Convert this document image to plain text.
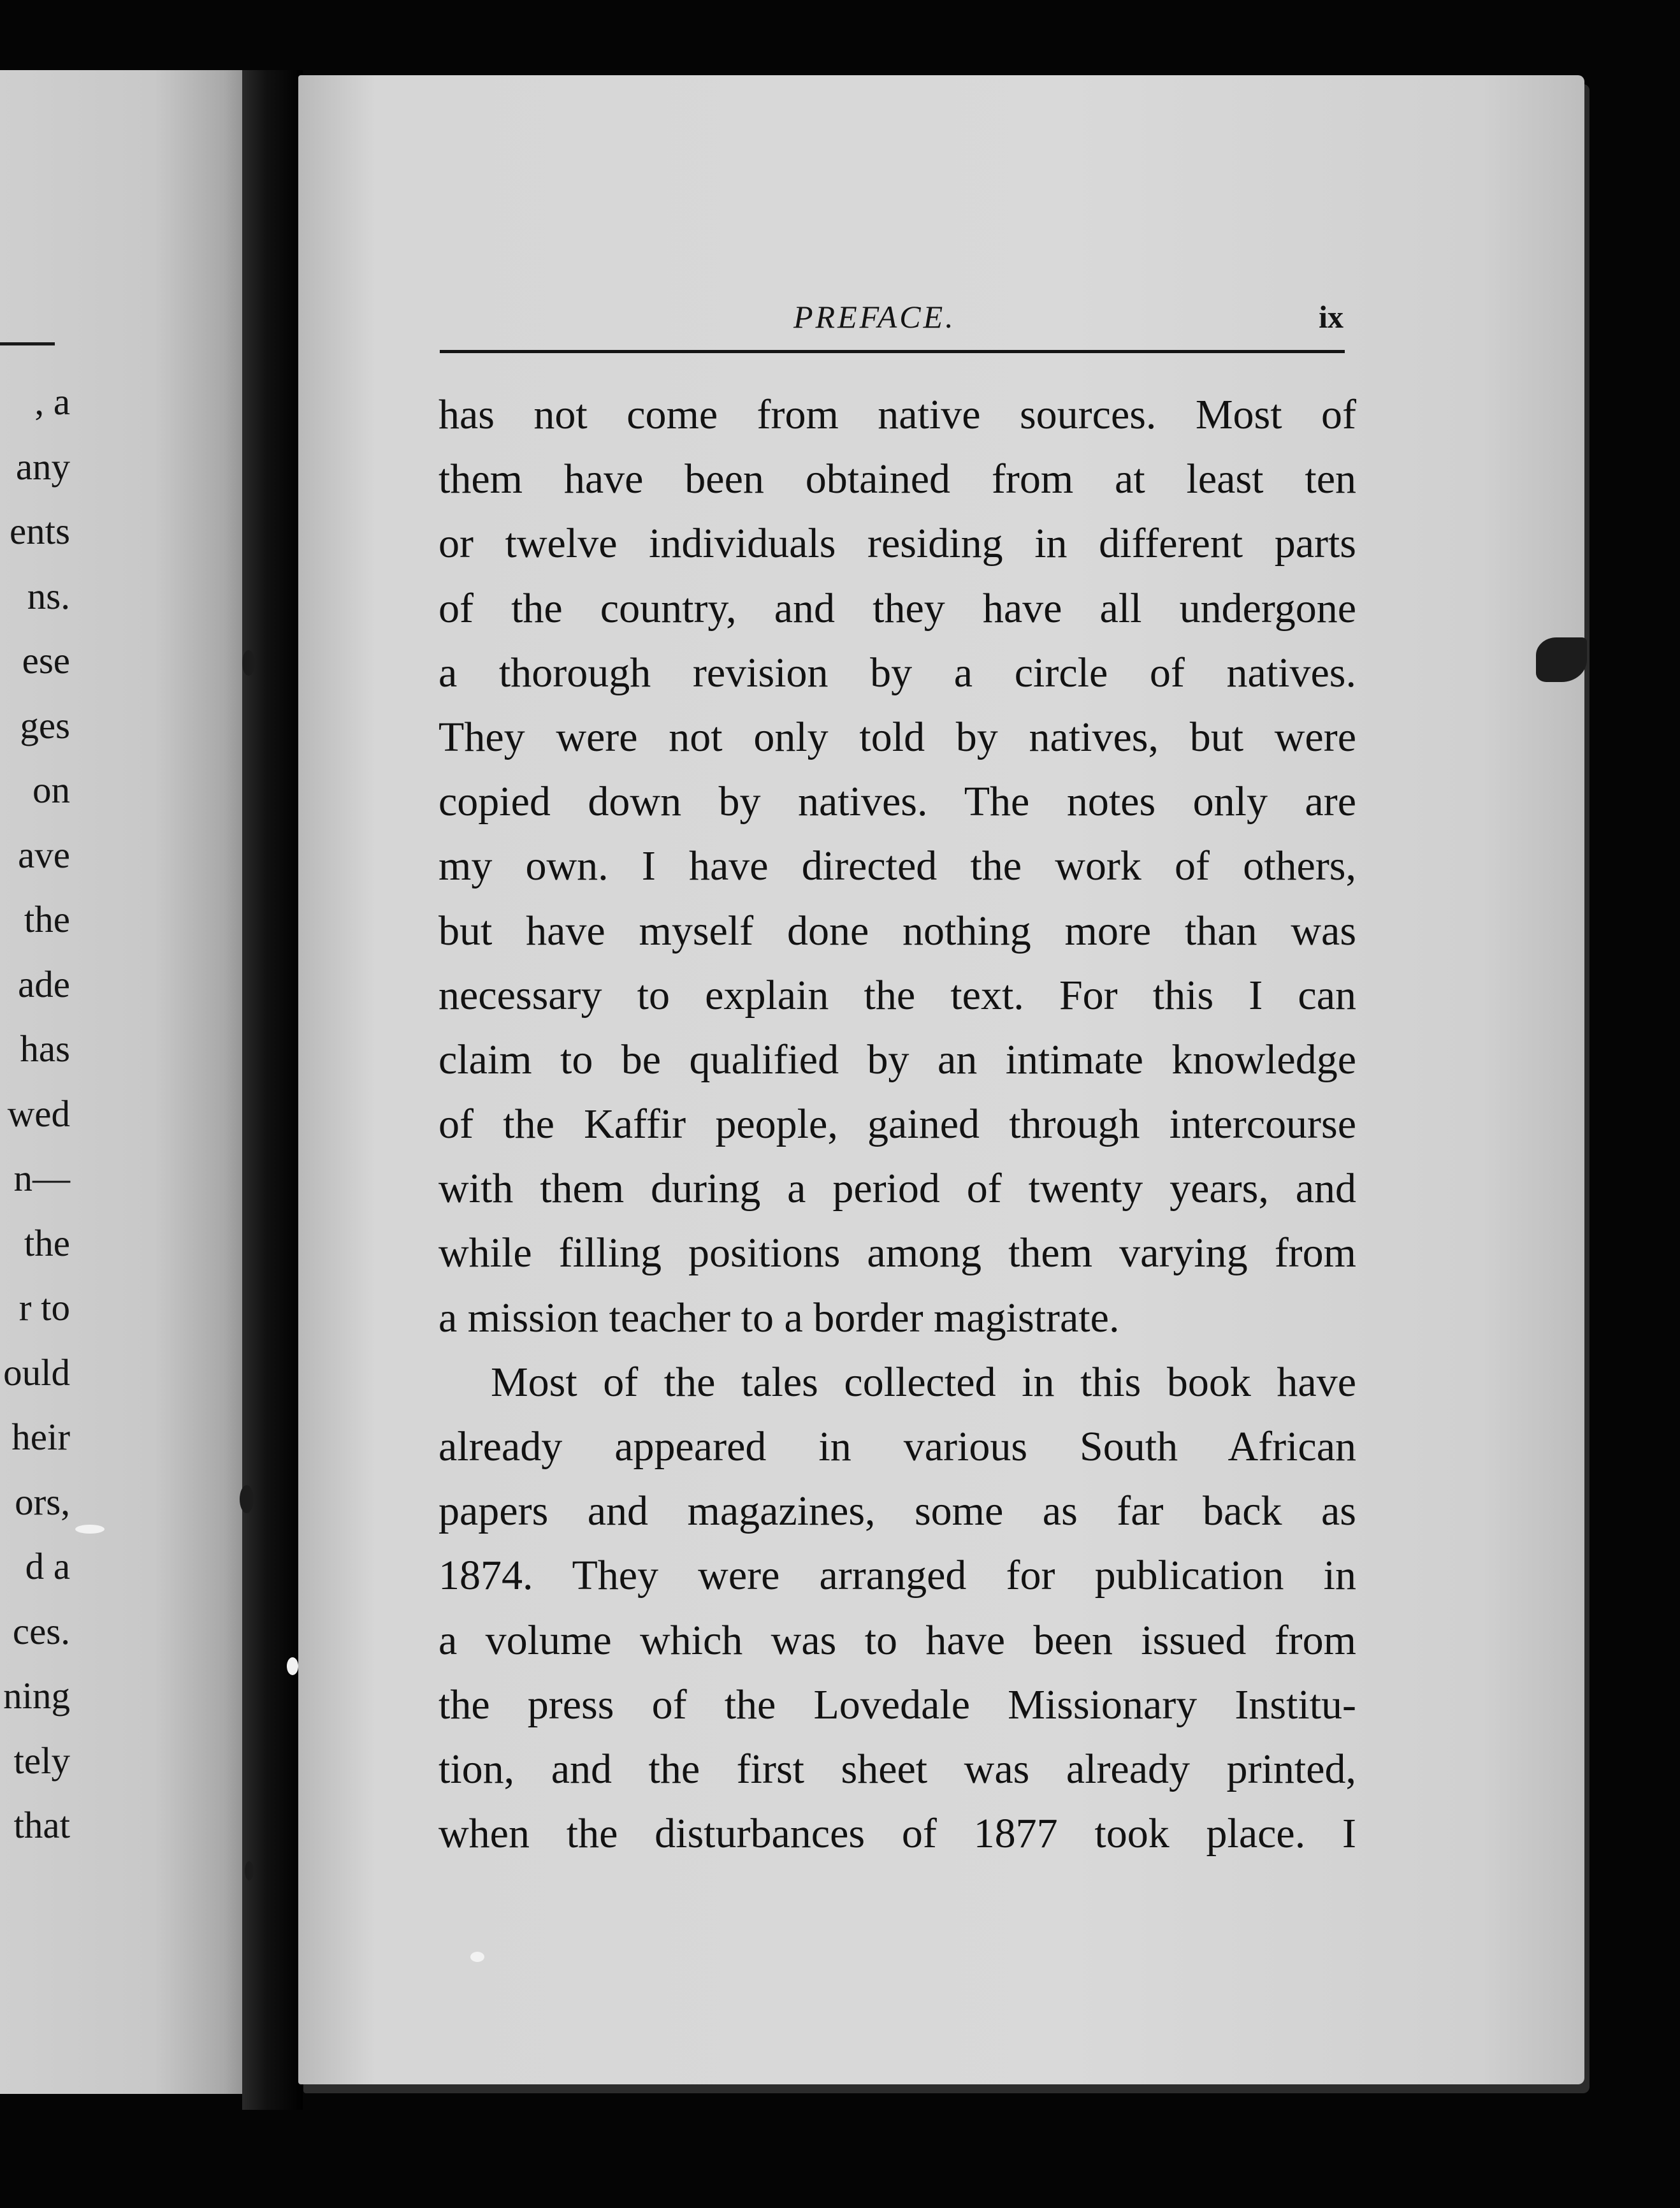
, a
any
ents
ns.
ese
ges
on
ave
the
ade
has
wed
n—
the
r to
ould
heir
ors,
d a
ces.
ning
tely
that
PREFACE.	ix
has not come from native sources. Most of
them have been obtained from at least ten
or twelve individuals residing in different parts
of the country, and they have all undergone
a thorough revision by a circle of natives.
They were not only told by natives, but were
copied down by natives. The notes only are
my own. I have directed the work of others,
but have myself done nothing more than was
necessary to explain the text. For this I can
claim to be qualified by an intimate knowledge
of the Kaffir people, gained through intercourse
with them during a period of twenty years, and
while filling positions among them varying from
a mission teacher to a border magistrate.
Most of the tales collected in this book have
already appeared in various South African
papers and magazines, some as far back as
1874. They were arranged for publication in
a volume which was to have been issued from
the press of the Lovedale Missionary Institu-
tion, and the first sheet was already printed,
when the disturbances of 1877 took place. I
